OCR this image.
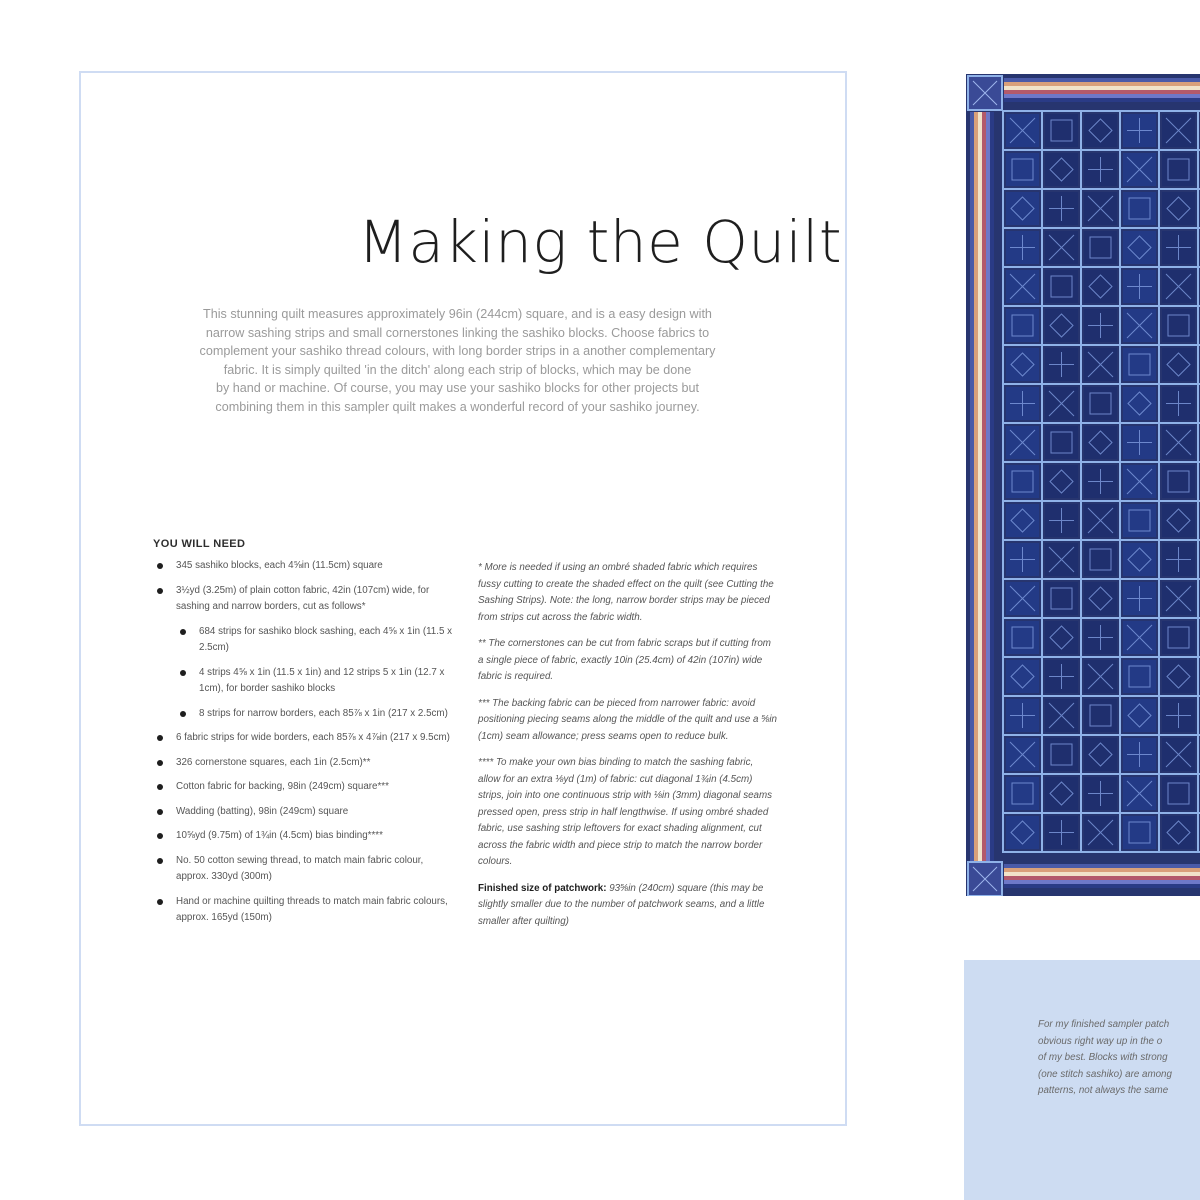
Making the Quilt

This stunning quilt measures approximately 96in (244cm) square, and is a easy design with
narrow sashing strips and small cornerstones linking the sashiko blocks. Choose fabrics to
complement your sashiko thread colours, with long border strips in a another complementary
fabric. It is simply quilted 'in the ditch' along each strip of blocks, which may be done
by hand or machine. Of course, you may use your sashiko blocks for other projects but
combining them in this sampler quilt makes a wonderful record of your sashiko journey.

YOU WILL NEED
345 sashiko blocks, each 4⅝in (11.5cm) square
3½yd (3.25m) of plain cotton fabric, 42in (107cm) wide, for sashing and narrow borders, cut as follows*
684 strips for sashiko block sashing, each 4⅝ x 1in (11.5 x 2.5cm)
4 strips 4⅝ x 1in (11.5 x 1in) and 12 strips 5 x 1in (12.7 x 1cm), for border sashiko blocks
8 strips for narrow borders, each 85⅞ x 1in (217 x 2.5cm)
6 fabric strips for wide borders, each 85⅞ x 4⅞in (217 x 9.5cm)
326 cornerstone squares, each 1in (2.5cm)**
Cotton fabric for backing, 98in (249cm) square***
Wadding (batting), 98in (249cm) square
10⅝yd (9.75m) of 1¾in (4.5cm) bias binding****
No. 50 cotton sewing thread, to match main fabric colour, approx. 330yd (300m)
Hand or machine quilting threads to match main fabric colours, approx. 165yd (150m)

* More is needed if using an ombré shaded fabric which requires fussy cutting to create the shaded effect on the quilt (see Cutting the Sashing Strips). Note: the long, narrow border strips may be pieced from strips cut across the fabric width.

** The cornerstones can be cut from fabric scraps but if cutting from a single piece of fabric, exactly 10in (25.4cm) of 42in (107in) wide fabric is required.

*** The backing fabric can be pieced from narrower fabric: avoid positioning piecing seams along the middle of the quilt and use a ⅝in (1cm) seam allowance; press seams open to reduce bulk.

**** To make your own bias binding to match the sashing fabric, allow for an extra ⅛yd (1m) of fabric: cut diagonal 1¾in (4.5cm) strips, join into one continuous strip with ⅛in (3mm) diagonal seams pressed open, press strip in half lengthwise. If using ombré shaded fabric, use sashing strip leftovers for exact shading alignment, cut across the fabric width and piece strip to match the narrow border colours.

Finished size of patchwork: 93⅝in (240cm) square (this may be slightly smaller due to the number of patchwork seams, and a little smaller after quilting)

For my finished sampler patch
obvious right way up in the o
of my best. Blocks with strong
(one stitch sashiko) are among
patterns, not always the same
